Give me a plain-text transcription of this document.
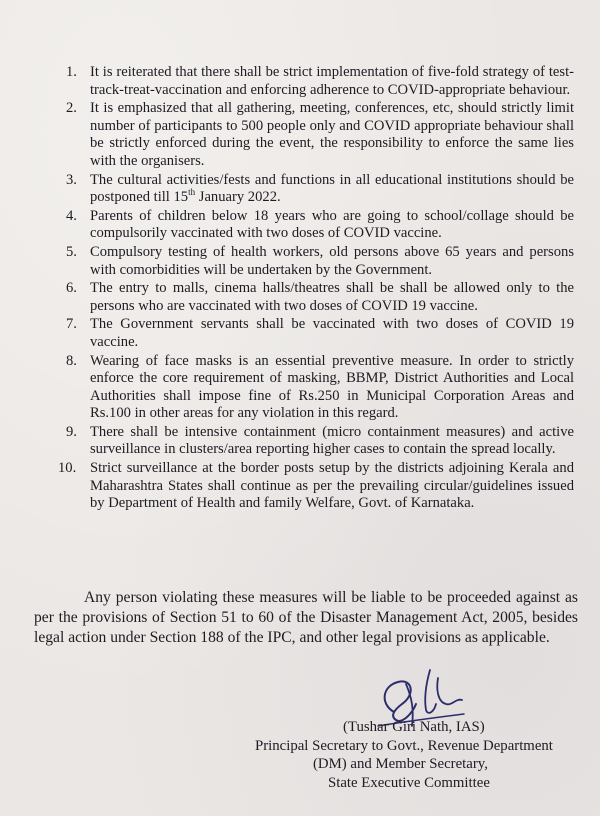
1. It is reiterated that there shall be strict implementation of five-fold strategy of test-track-treat-vaccination and enforcing adherence to COVID-appropriate behaviour.
2. It is emphasized that all gathering, meeting, conferences, etc, should strictly limit number of participants to 500 people only and COVID appropriate behaviour shall be strictly enforced during the event, the responsibility to enforce the same lies with the organisers.
3. The cultural activities/fests and functions in all educational institutions should be postponed till 15th January 2022.
4. Parents of children below 18 years who are going to school/collage should be compulsorily vaccinated with two doses of COVID vaccine.
5. Compulsory testing of health workers, old persons above 65 years and persons with comorbidities will be undertaken by the Government.
6. The entry to malls, cinema halls/theatres shall be shall be allowed only to the persons who are vaccinated with two doses of COVID 19 vaccine.
7. The Government servants shall be vaccinated with two doses of COVID 19 vaccine.
8. Wearing of face masks is an essential preventive measure. In order to strictly enforce the core requirement of masking, BBMP, District Authorities and Local Authorities shall impose fine of Rs.250 in Municipal Corporation Areas and Rs.100 in other areas for any violation in this regard.
9. There shall be intensive containment (micro containment measures) and active surveillance in clusters/area reporting higher cases to contain the spread locally.
10. Strict surveillance at the border posts setup by the districts adjoining Kerala and Maharashtra States shall continue as per the prevailing circular/guidelines issued by Department of Health and family Welfare, Govt. of Karnataka.

Any person violating these measures will be liable to be proceeded against as per the provisions of Section 51 to 60 of the Disaster Management Act, 2005, besides legal action under Section 188 of the IPC, and other legal provisions as applicable.

(Tushar Giri Nath, IAS)
Principal Secretary to Govt., Revenue Department
(DM) and Member Secretary,
State Executive Committee
